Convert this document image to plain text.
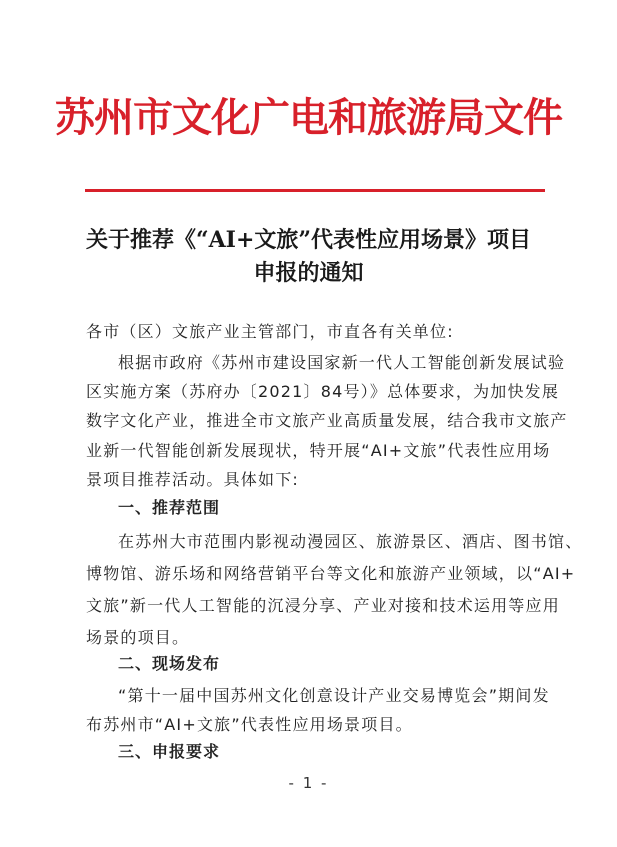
苏州市文化广电和旅游局文件
关于推荐《“AI+文旅”代表性应用场景》项目
申报的通知
各市（区）文旅产业主管部门，市直各有关单位:
根据市政府《苏州市建设国家新一代人工智能创新发展试验
区实施方案（苏府办〔2021〕84号）》总体要求，为加快发展
数字文化产业，推进全市文旅产业高质量发展，结合我市文旅产
业新一代智能创新发展现状，特开展“AI+文旅”代表性应用场
景项目推荐活动。具体如下:
一、推荐范围
在苏州大市范围内影视动漫园区、旅游景区、酒店、图书馆、
博物馆、游乐场和网络营销平台等文化和旅游产业领域，以“AI+
文旅”新一代人工智能的沉浸分享、产业对接和技术运用等应用
场景的项目。
二、现场发布
“第十一届中国苏州文化创意设计产业交易博览会”期间发
布苏州市“AI+文旅”代表性应用场景项目。
- 1 -
三、申报要求
